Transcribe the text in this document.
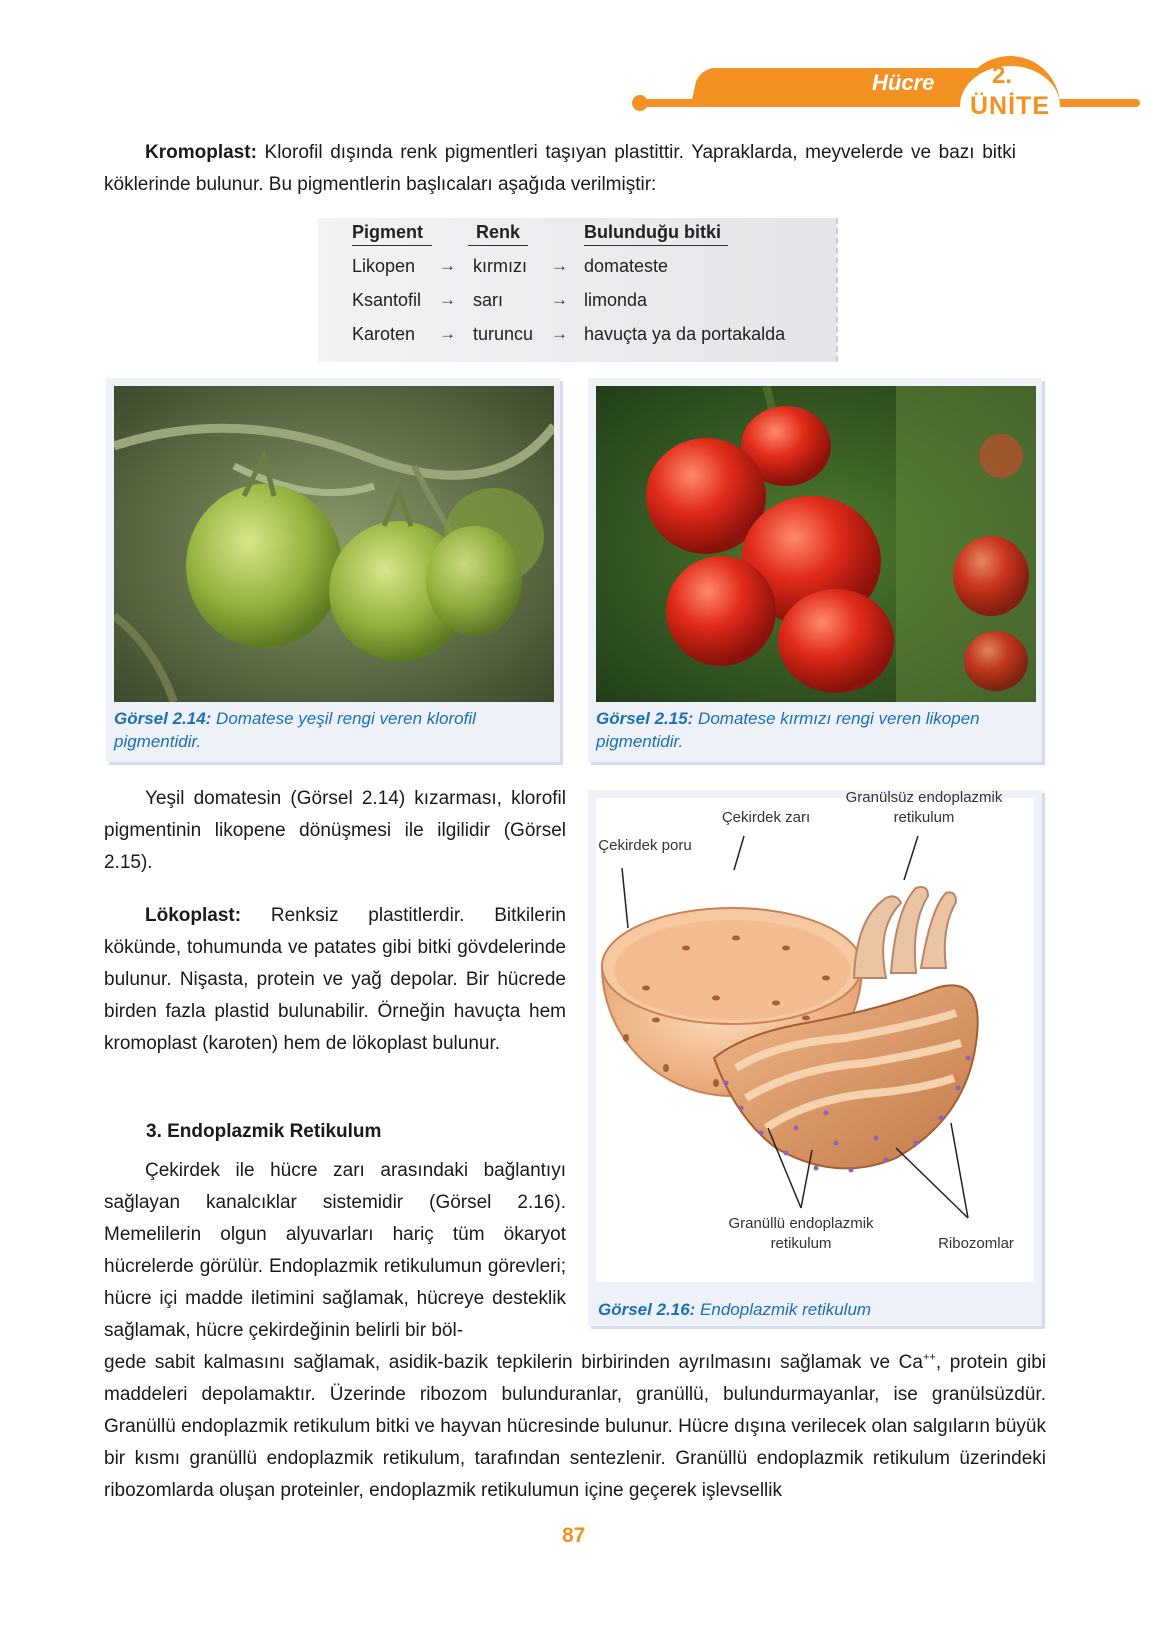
Hücre 2.
ÜNİTE

Kromoplast: Klorofil dışında renk pigmentleri taşıyan plastittir. Yapraklarda, meyvelerde ve bazı bitki köklerinde bulunur. Bu pigmentlerin başlıcaları aşağıda verilmiştir:

Pigment	Renk	Bulunduğu bitki
Likopen → kırmızı → domateste
Ksantofil → sarı	→ limonda
Karoten → turuncu → havuçta ya da portakalda

Görsel 2.14: Domatese yeşil rengi veren klorofil pigmentidir.

Görsel 2.15: Domatese kırmızı rengi veren likopen pigmentidir.

Yeşil domatesin (Görsel 2.14) kızarması, klorofil pigmentinin likopene dönüşmesi ile ilgilidir (Görsel 2.15).

Lökoplast: Renksiz plastitlerdir. Bitkilerin kökünde, tohumunda ve patates gibi bitki gövdelerinde bulunur. Nişasta, protein ve yağ depolar. Bir hücrede birden fazla plastid bulunabilir. Örneğin havuçta hem kromoplast (karoten) hem de lökoplast bulunur.

3. Endoplazmik Retikulum

Çekirdek ile hücre zarı arasındaki bağlantıyı sağlayan kanalcıklar sistemidir (Görsel 2.16). Memelilerin olgun alyuvarları hariç tüm ökaryot hücrelerde görülür. Endoplazmik retikulumun görevleri; hücre içi madde iletimini sağlamak, hücreye desteklik sağlamak, hücre çekirdeğinin belirli bir böl-

gede sabit kalmasını sağlamak, asidik-bazik tepkilerin birbirinden ayrılmasını sağlamak ve Ca++, protein gibi maddeleri depolamaktır. Üzerinde ribozom bulunduranlar, granüllü, bulundurmayanlar, ise granülsüzdür. Granüllü endoplazmik retikulum bitki ve hayvan hücresinde bulunur. Hücre dışına verilecek olan salgıların büyük bir kısmı granüllü endoplazmik retikulum, tarafından sentezlenir. Granüllü endoplazmik retikulum üzerindeki ribozomlarda oluşan proteinler, endoplazmik retikulumun içine geçerek işlevsellik

Çekirdek zarı
Çekirdek poru
Granülsüz endoplazmik retikulum
Granüllü endoplazmik retikulum	Ribozomlar

Görsel 2.16: Endoplazmik retikulum

87
